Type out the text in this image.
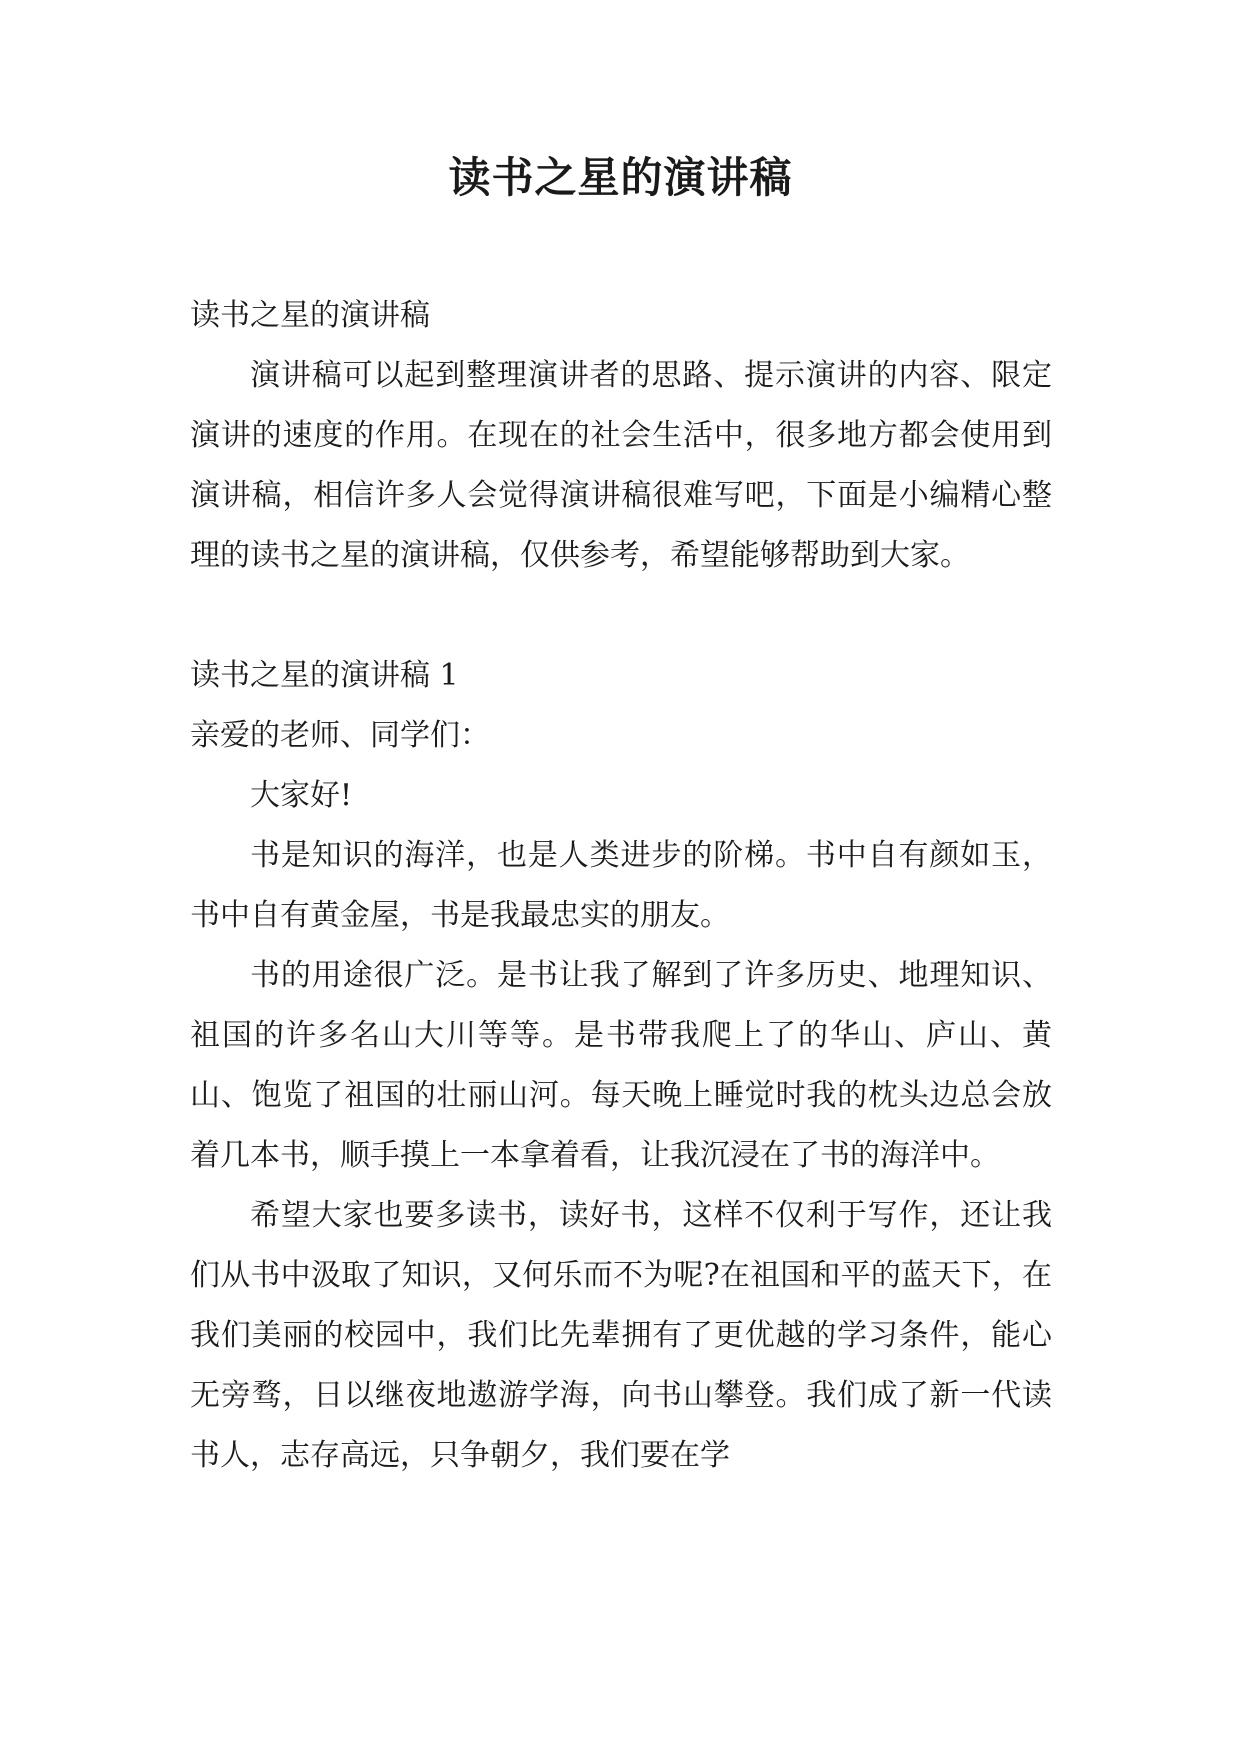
读书之星的演讲稿

读书之星的演讲稿

演讲稿可以起到整理演讲者的思路、提示演讲的内容、限定演讲的速度的作用。在现在的社会生活中，很多地方都会使用到演讲稿，相信许多人会觉得演讲稿很难写吧，下面是小编精心整理的读书之星的演讲稿，仅供参考，希望能够帮助到大家。

读书之星的演讲稿 1

亲爱的老师、同学们：

大家好!

书是知识的海洋，也是人类进步的阶梯。书中自有颜如玉，书中自有黄金屋，书是我最忠实的朋友。

书的用途很广泛。是书让我了解到了许多历史、地理知识、祖国的许多名山大川等等。是书带我爬上了的华山、庐山、黄山、饱览了祖国的壮丽山河。每天晚上睡觉时我的枕头边总会放着几本书，顺手摸上一本拿着看，让我沉浸在了书的海洋中。

希望大家也要多读书，读好书，这样不仅利于写作，还让我们从书中汲取了知识，又何乐而不为呢?在祖国和平的蓝天下，在我们美丽的校园中，我们比先辈拥有了更优越的学习条件，能心无旁骛，日以继夜地遨游学海，向书山攀登。我们成了新一代读书人，志存高远，只争朝夕，我们要在学
